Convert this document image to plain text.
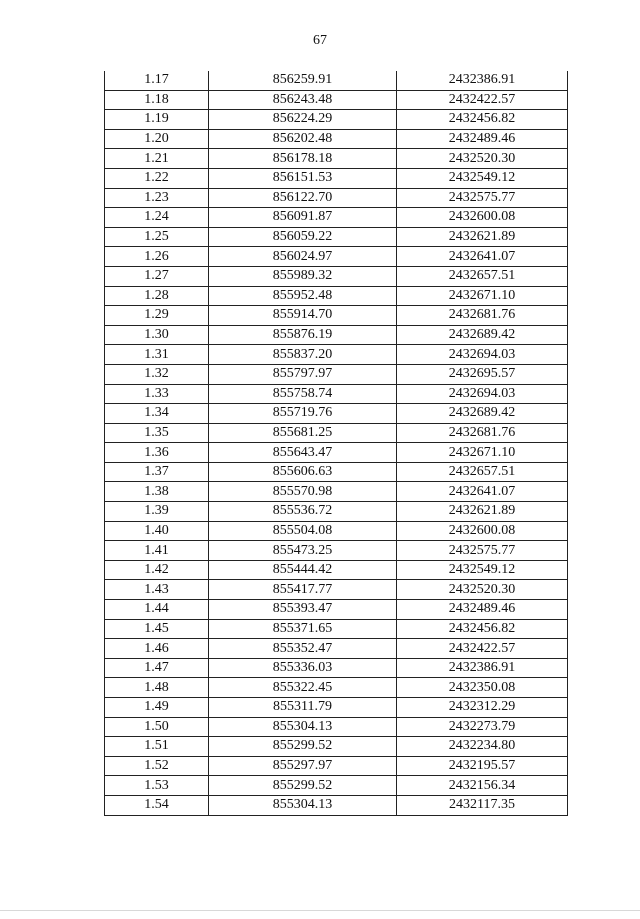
67
1.17	856259.91	2432386.91
1.18	856243.48	2432422.57
1.19	856224.29	2432456.82
1.20	856202.48	2432489.46
1.21	856178.18	2432520.30
1.22	856151.53	2432549.12
1.23	856122.70	2432575.77
1.24	856091.87	2432600.08
1.25	856059.22	2432621.89
1.26	856024.97	2432641.07
1.27	855989.32	2432657.51
1.28	855952.48	2432671.10
1.29	855914.70	2432681.76
1.30	855876.19	2432689.42
1.31	855837.20	2432694.03
1.32	855797.97	2432695.57
1.33	855758.74	2432694.03
1.34	855719.76	2432689.42
1.35	855681.25	2432681.76
1.36	855643.47	2432671.10
1.37	855606.63	2432657.51
1.38	855570.98	2432641.07
1.39	855536.72	2432621.89
1.40	855504.08	2432600.08
1.41	855473.25	2432575.77
1.42	855444.42	2432549.12
1.43	855417.77	2432520.30
1.44	855393.47	2432489.46
1.45	855371.65	2432456.82
1.46	855352.47	2432422.57
1.47	855336.03	2432386.91
1.48	855322.45	2432350.08
1.49	855311.79	2432312.29
1.50	855304.13	2432273.79
1.51	855299.52	2432234.80
1.52	855297.97	2432195.57
1.53	855299.52	2432156.34
1.54	855304.13	2432117.35
